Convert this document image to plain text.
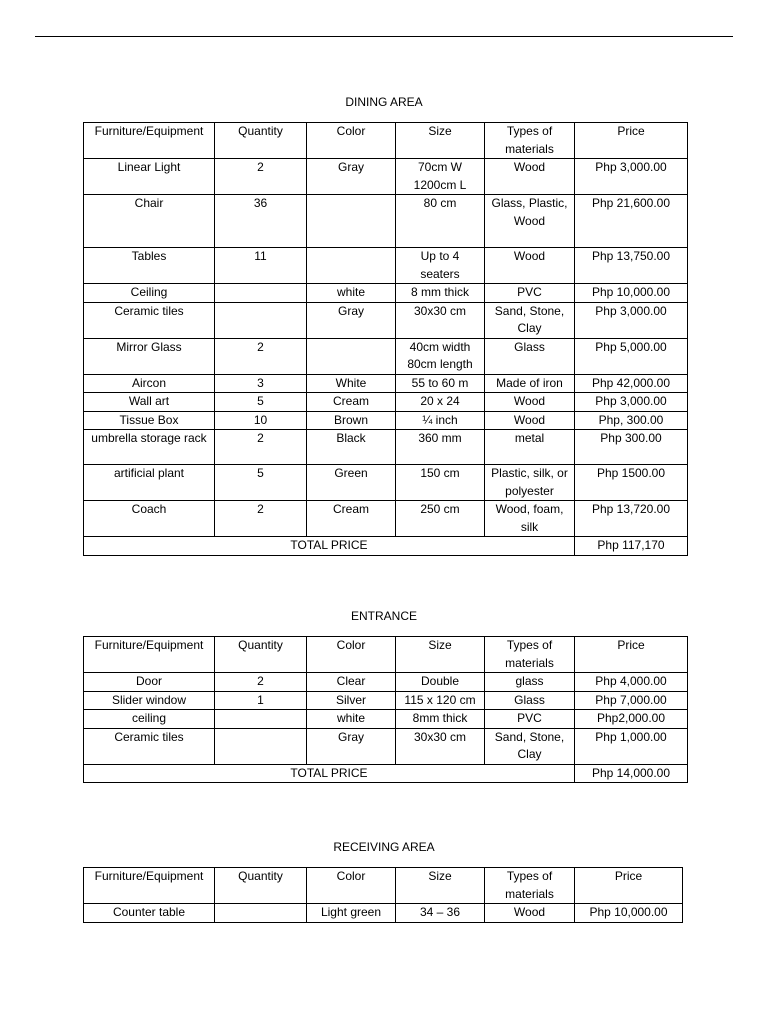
DINING AREA
Furniture/Equipment	Quantity	Color	Size	Types of materials	Price
Linear Light	2	Gray	70cm W 1200cm L	Wood	Php 3,000.00
Chair	36		80 cm	Glass, Plastic, Wood	Php 21,600.00
Tables	11		Up to 4 seaters	Wood	Php 13,750.00
Ceiling		white	8 mm thick	PVC	Php 10,000.00
Ceramic tiles		Gray	30x30 cm	Sand, Stone, Clay	Php 3,000.00
Mirror Glass	2		40cm width 80cm length	Glass	Php 5,000.00
Aircon	3	White	55 to 60 m	Made of iron	Php 42,000.00
Wall art	5	Cream	20 x 24	Wood	Php 3,000.00
Tissue Box	10	Brown	¼ inch	Wood	Php, 300.00
umbrella storage rack	2	Black	360 mm	metal	Php 300.00
artificial plant	5	Green	150 cm	Plastic, silk, or polyester	Php 1500.00
Coach	2	Cream	250 cm	Wood, foam, silk	Php 13,720.00
TOTAL PRICE					Php 117,170
ENTRANCE
Furniture/Equipment	Quantity	Color	Size	Types of materials	Price
Door	2	Clear	Double	glass	Php 4,000.00
Slider window	1	Silver	115 x 120 cm	Glass	Php 7,000.00
ceiling		white	8mm thick	PVC	Php2,000.00
Ceramic tiles		Gray	30x30 cm	Sand, Stone, Clay	Php 1,000.00
TOTAL PRICE					Php 14,000.00
RECEIVING AREA
Furniture/Equipment	Quantity	Color	Size	Types of materials	Price
Counter table		Light green	34 – 36	Wood	Php 10,000.00
